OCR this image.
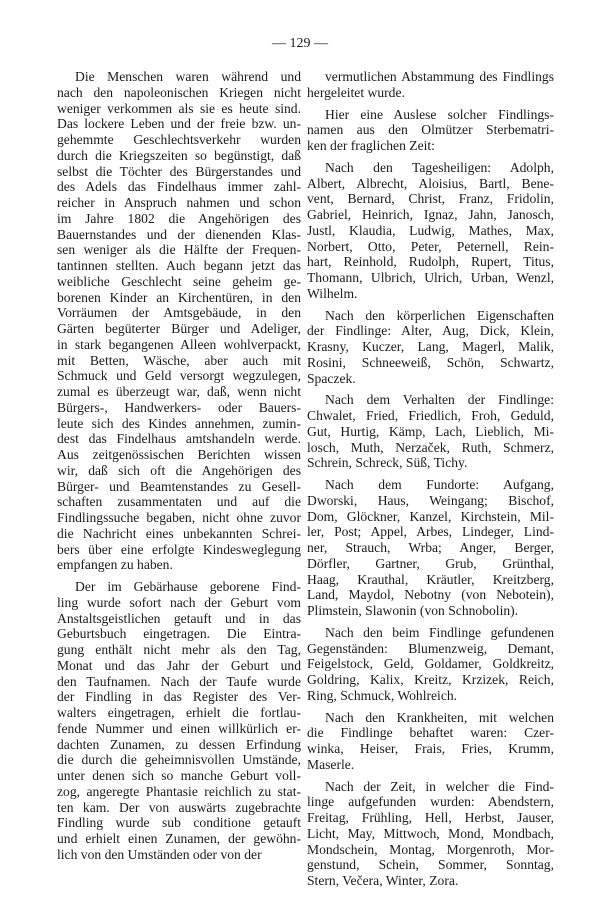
— 129 —
Die Menschen waren während und
nach den napoleonischen Kriegen nicht
weniger verkommen als sie es heute sind.
Das lockere Leben und der freie bzw. un-
gehemmte Geschlechtsverkehr wurden
durch die Kriegszeiten so begünstigt, daß
selbst die Töchter des Bürgerstandes und
des Adels das Findelhaus immer zahl-
reicher in Anspruch nahmen und schon
im Jahre 1802 die Angehörigen des
Bauernstandes und der dienenden Klas-
sen weniger als die Hälfte der Frequen-
tantinnen stellten. Auch begann jetzt das
weibliche Geschlecht seine geheim ge-
borenen Kinder an Kirchentüren, in den
Vorräumen der Amtsgebäude, in den
Gärten begüterter Bürger und Adeliger,
in stark begangenen Alleen wohlverpackt,
mit Betten, Wäsche, aber auch mit
Schmuck und Geld versorgt wegzulegen,
zumal es überzeugt war, daß, wenn nicht
Bürgers-, Handwerkers- oder Bauers-
leute sich des Kindes annehmen, zumin-
dest das Findelhaus amtshandeln werde.
Aus zeitgenössischen Berichten wissen
wir, daß sich oft die Angehörigen des
Bürger- und Beamtenstandes zu Gesell-
schaften zusammentaten und auf die
Findlingssuche begaben, nicht ohne zuvor
die Nachricht eines unbekannten Schrei-
bers über eine erfolgte Kindesweglegung
empfangen zu haben.
Der im Gebärhause geborene Find-
ling wurde sofort nach der Geburt vom
Anstaltsgeistlichen getauft und in das
Geburtsbuch eingetragen. Die Eintra-
gung enthält nicht mehr als den Tag,
Monat und das Jahr der Geburt und
den Taufnamen. Nach der Taufe wurde
der Findling in das Register des Ver-
walters eingetragen, erhielt die fortlau-
fende Nummer und einen willkürlich er-
dachten Zunamen, zu dessen Erfindung
die durch die geheimnisvollen Umstände,
unter denen sich so manche Geburt voll-
zog, angeregte Phantasie reichlich zu stat-
ten kam. Der von auswärts zugebrachte
Findling wurde sub conditione getauft
und erhielt einen Zunamen, der gewöhn-
lich von den Umständen oder von der
vermutlichen Abstammung des Findlings
hergeleitet wurde.
Hier eine Auslese solcher Findlings-
namen aus den Olmützer Sterbematri-
ken der fraglichen Zeit:
Nach den Tagesheiligen: Adolph,
Albert, Albrecht, Aloisius, Bartl, Bene-
vent, Bernard, Christ, Franz, Fridolin,
Gabriel, Heinrich, Ignaz, Jahn, Janosch,
Justl, Klaudia, Ludwig, Mathes, Max,
Norbert, Otto, Peter, Peternell, Rein-
hart, Reinhold, Rudolph, Rupert, Titus,
Thomann, Ulbrich, Ulrich, Urban, Wenzl,
Wilhelm.
Nach den körperlichen Eigenschaften
der Findlinge: Alter, Aug, Dick, Klein,
Krasny, Kuczer, Lang, Magerl, Malik,
Rosini, Schneeweiß, Schön, Schwartz,
Spaczek.
Nach dem Verhalten der Findlinge:
Chwalet, Fried, Friedlich, Froh, Geduld,
Gut, Hurtig, Kämp, Lach, Lieblich, Mi-
losch, Muth, Nerzaček, Ruth, Schmerz,
Schrein, Schreck, Süß, Tichy.
Nach dem Fundorte: Aufgang,
Dworski, Haus, Weingang; Bischof,
Dom, Glöckner, Kanzel, Kirchstein, Mil-
ler, Post; Appel, Arbes, Lindeger, Lind-
ner, Strauch, Wrba; Anger, Berger,
Dörfler, Gartner, Grub, Grünthal,
Haag, Krauthal, Kräutler, Kreitzberg,
Land, Maydol, Nebotny (von Nebotein),
Plimstein, Slawonin (von Schnobolin).
Nach den beim Findlinge gefundenen
Gegenständen: Blumenzweig, Demant,
Feigelstock, Geld, Goldamer, Goldkreitz,
Goldring, Kalix, Kreitz, Krzizek, Reich,
Ring, Schmuck, Wohlreich.
Nach den Krankheiten, mit welchen
die Findlinge behaftet waren: Czer-
winka, Heiser, Frais, Fries, Krumm,
Maserle.
Nach der Zeit, in welcher die Find-
linge aufgefunden wurden: Abendstern,
Freitag, Frühling, Hell, Herbst, Jauser,
Licht, May, Mittwoch, Mond, Mondbach,
Mondschein, Montag, Morgenroth, Mor-
genstund, Schein, Sommer, Sonntag,
Stern, Večera, Winter, Zora.
